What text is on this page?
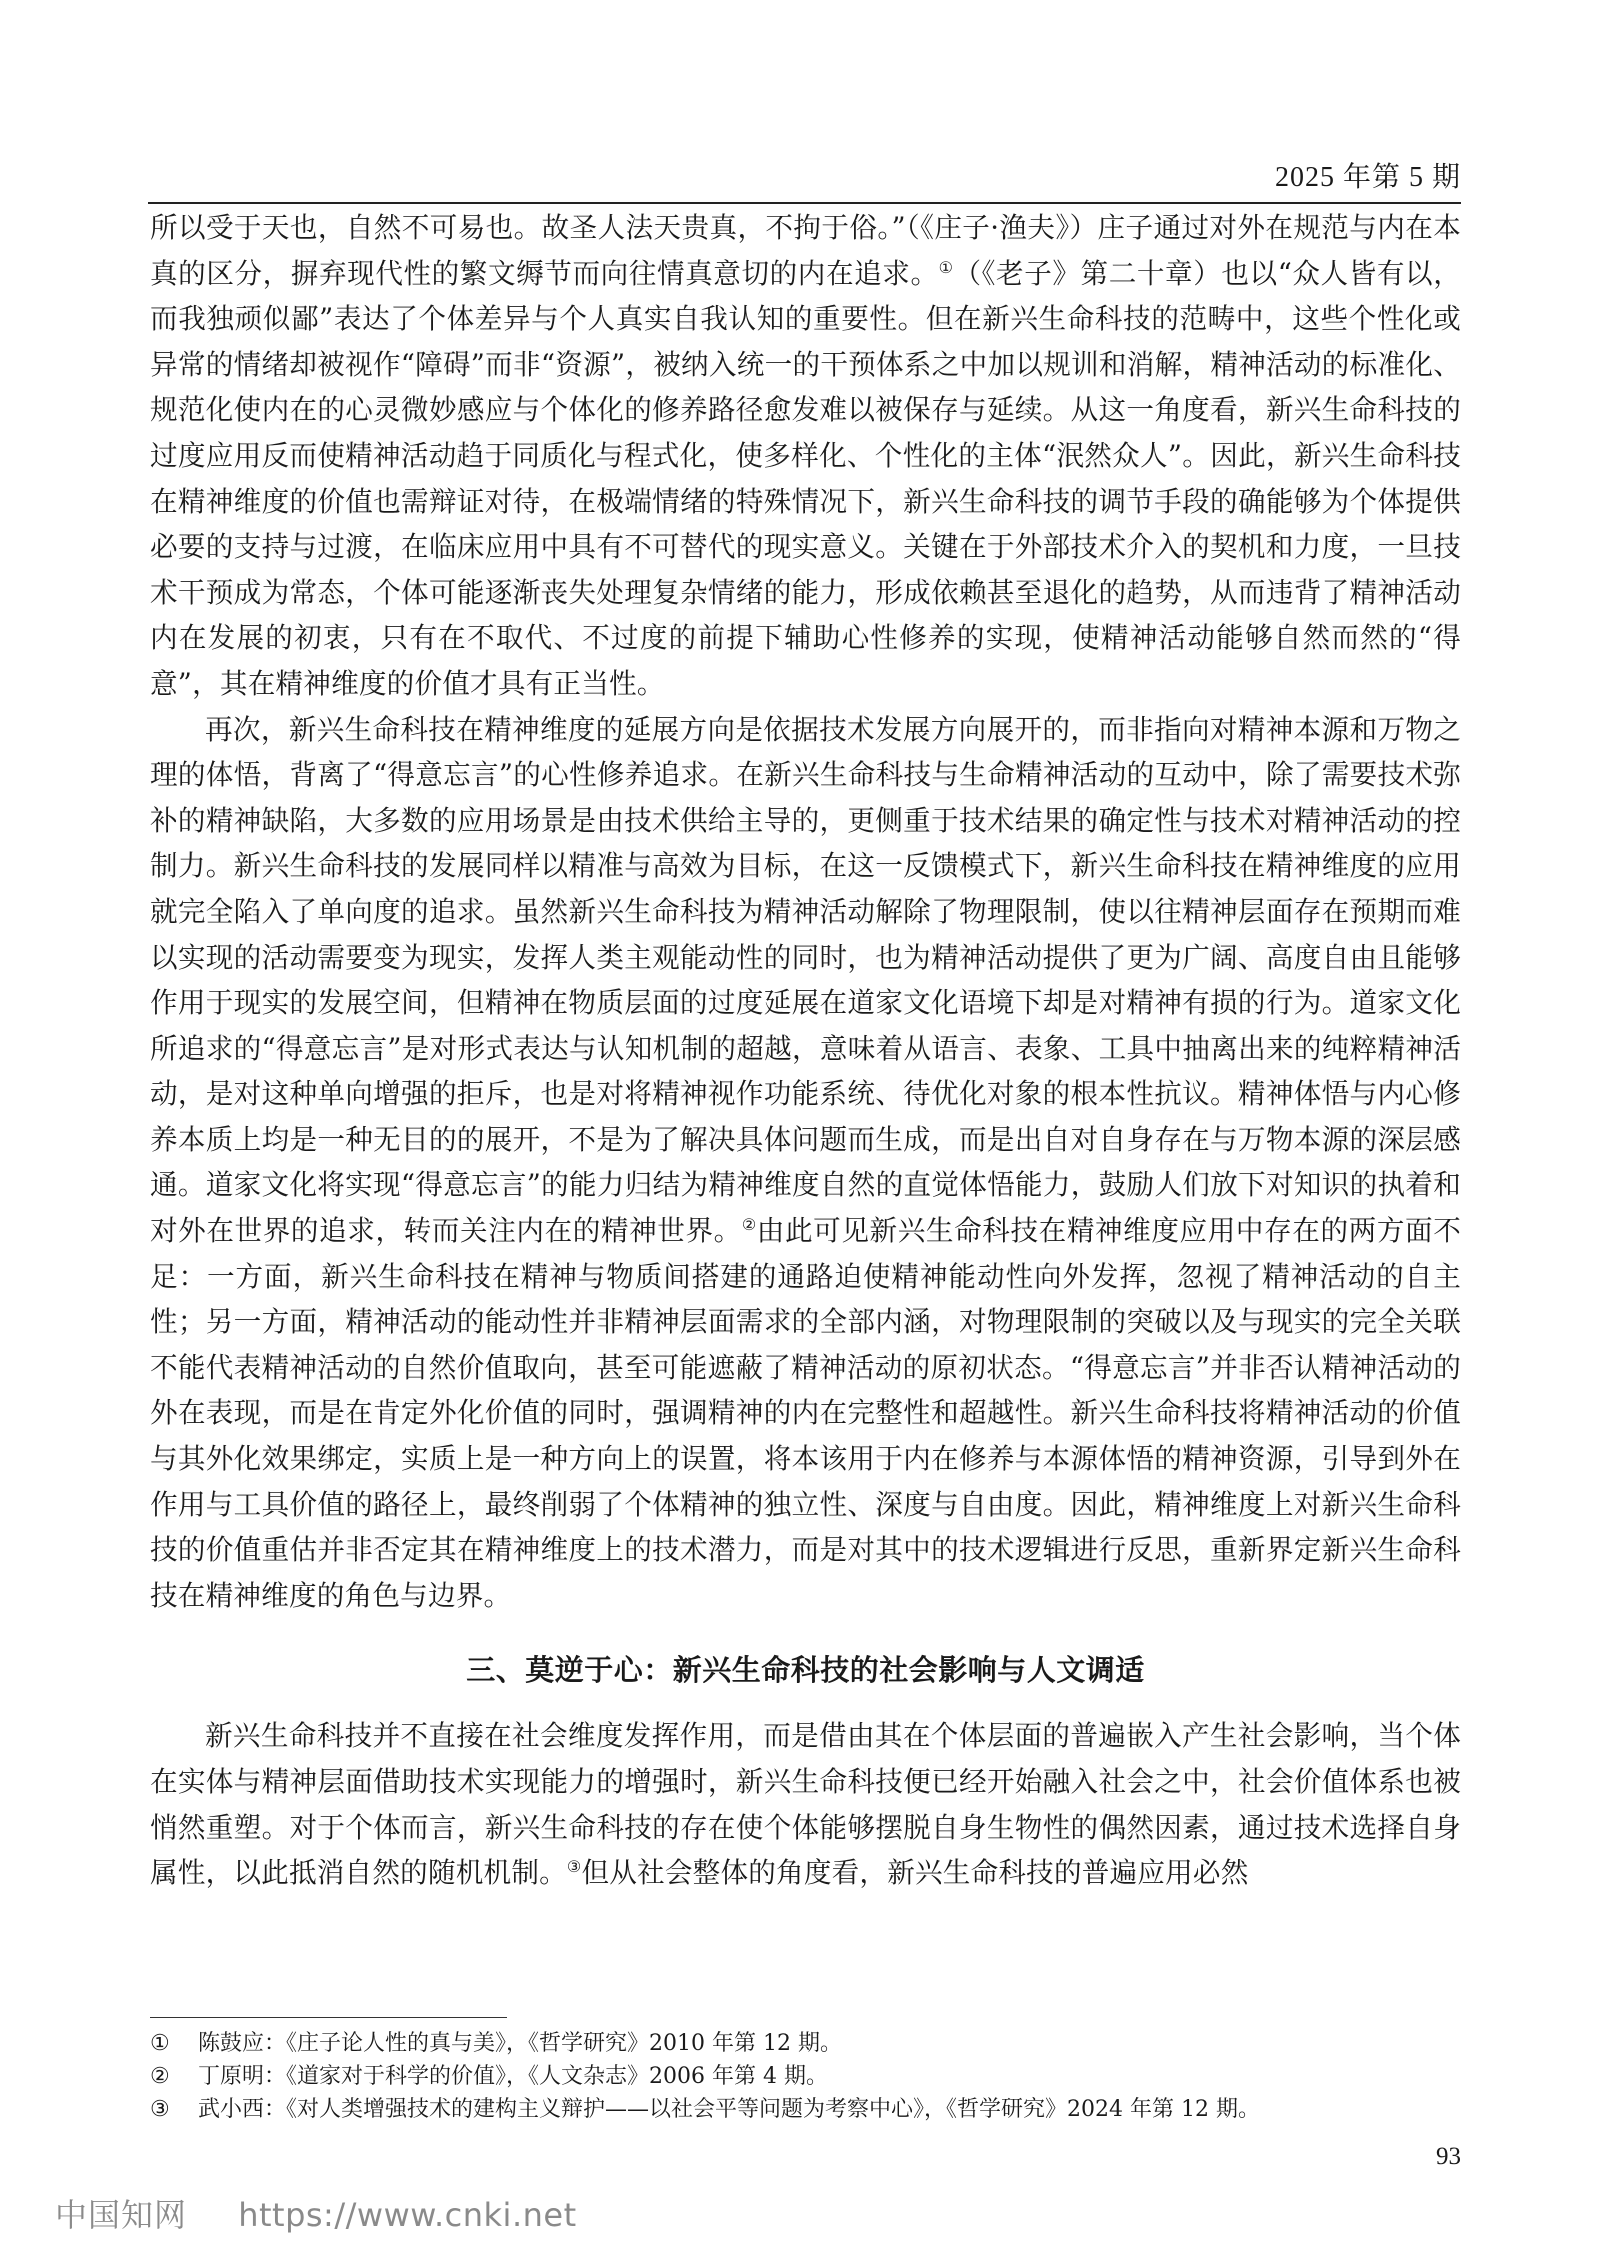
2025 年第 5 期

所以受于天也，自然不可易也。故圣人法天贵真，不拘于俗。”（《庄子·渔夫》）庄子通过对外在规范与内在本真的区分，摒弃现代性的繁文缛节而向往情真意切的内在追求。①（《老子》第二十章）也以“众人皆有以，而我独顽似鄙”表达了个体差异与个人真实自我认知的重要性。但在新兴生命科技的范畴中，这些个性化或异常的情绪却被视作“障碍”而非“资源”，被纳入统一的干预体系之中加以规训和消解，精神活动的标准化、规范化使内在的心灵微妙感应与个体化的修养路径愈发难以被保存与延续。从这一角度看，新兴生命科技的过度应用反而使精神活动趋于同质化与程式化，使多样化、个性化的主体“泯然众人”。因此，新兴生命科技在精神维度的价值也需辩证对待，在极端情绪的特殊情况下，新兴生命科技的调节手段的确能够为个体提供必要的支持与过渡，在临床应用中具有不可替代的现实意义。关键在于外部技术介入的契机和力度，一旦技术干预成为常态，个体可能逐渐丧失处理复杂情绪的能力，形成依赖甚至退化的趋势，从而违背了精神活动内在发展的初衷，只有在不取代、不过度的前提下辅助心性修养的实现，使精神活动能够自然而然的“得意”，其在精神维度的价值才具有正当性。

再次，新兴生命科技在精神维度的延展方向是依据技术发展方向展开的，而非指向对精神本源和万物之理的体悟，背离了“得意忘言”的心性修养追求。在新兴生命科技与生命精神活动的互动中，除了需要技术弥补的精神缺陷，大多数的应用场景是由技术供给主导的，更侧重于技术结果的确定性与技术对精神活动的控制力。新兴生命科技的发展同样以精准与高效为目标，在这一反馈模式下，新兴生命科技在精神维度的应用就完全陷入了单向度的追求。虽然新兴生命科技为精神活动解除了物理限制，使以往精神层面存在预期而难以实现的活动需要变为现实，发挥人类主观能动性的同时，也为精神活动提供了更为广阔、高度自由且能够作用于现实的发展空间，但精神在物质层面的过度延展在道家文化语境下却是对精神有损的行为。道家文化所追求的“得意忘言”是对形式表达与认知机制的超越，意味着从语言、表象、工具中抽离出来的纯粹精神活动，是对这种单向增强的拒斥，也是对将精神视作功能系统、待优化对象的根本性抗议。精神体悟与内心修养本质上均是一种无目的的展开，不是为了解决具体问题而生成，而是出自对自身存在与万物本源的深层感通。道家文化将实现“得意忘言”的能力归结为精神维度自然的直觉体悟能力，鼓励人们放下对知识的执着和对外在世界的追求，转而关注内在的精神世界。②由此可见新兴生命科技在精神维度应用中存在的两方面不足：一方面，新兴生命科技在精神与物质间搭建的通路迫使精神能动性向外发挥，忽视了精神活动的自主性；另一方面，精神活动的能动性并非精神层面需求的全部内涵，对物理限制的突破以及与现实的完全关联不能代表精神活动的自然价值取向，甚至可能遮蔽了精神活动的原初状态。“得意忘言”并非否认精神活动的外在表现，而是在肯定外化价值的同时，强调精神的内在完整性和超越性。新兴生命科技将精神活动的价值与其外化效果绑定，实质上是一种方向上的误置，将本该用于内在修养与本源体悟的精神资源，引导到外在作用与工具价值的路径上，最终削弱了个体精神的独立性、深度与自由度。因此，精神维度上对新兴生命科技的价值重估并非否定其在精神维度上的技术潜力，而是对其中的技术逻辑进行反思，重新界定新兴生命科技在精神维度的角色与边界。

三、莫逆于心：新兴生命科技的社会影响与人文调适

新兴生命科技并不直接在社会维度发挥作用，而是借由其在个体层面的普遍嵌入产生社会影响，当个体在实体与精神层面借助技术实现能力的增强时，新兴生命科技便已经开始融入社会之中，社会价值体系也被悄然重塑。对于个体而言，新兴生命科技的存在使个体能够摆脱自身生物性的偶然因素，通过技术选择自身属性，以此抵消自然的随机机制。③但从社会整体的角度看，新兴生命科技的普遍应用必然

①	陈鼓应：《庄子论人性的真与美》，《哲学研究》2010 年第 12 期。
②	丁原明：《道家对于科学的价值》，《人文杂志》2006 年第 4 期。
③	武小西：《对人类增强技术的建构主义辩护——以社会平等问题为考察中心》，《哲学研究》2024 年第 12 期。
93
中国知网 https://www.cnki.net
